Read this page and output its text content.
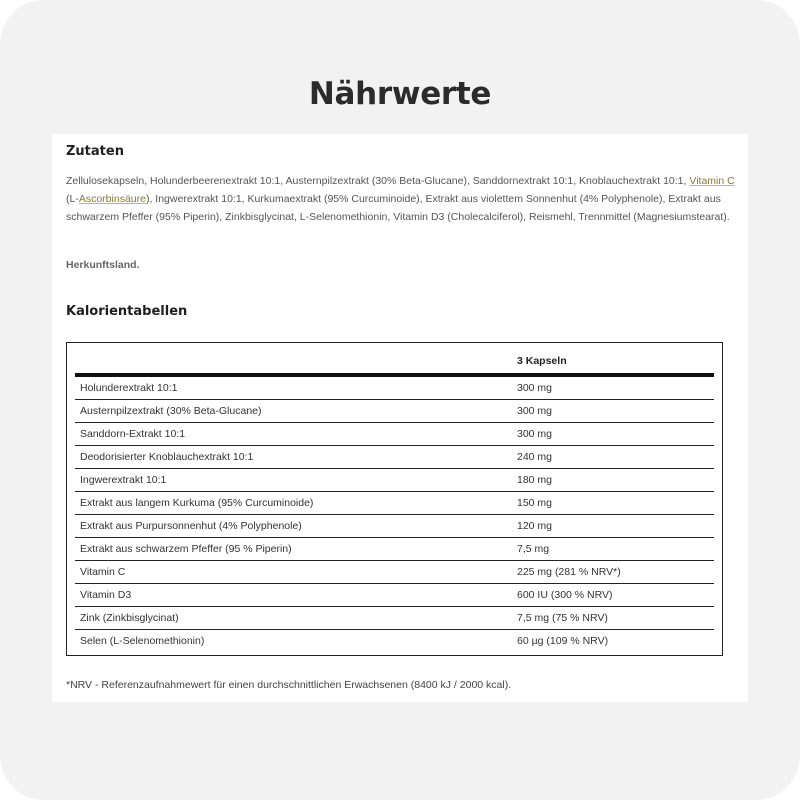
Nährwerte
Zutaten

Zellulosekapseln, Holunderbeerenextrakt 10:1, Austernpilzextrakt (30% Beta-Glucane), Sanddornextrakt 10:1, Knoblauchextrakt 10:1, Vitamin C (L-Ascorbinsäure), Ingwerextrakt 10:1, Kurkumaextrakt (95% Curcuminoide), Extrakt aus violettem Sonnenhut (4% Polyphenole), Extrakt aus schwarzem Pfeffer (95% Piperin), Zinkbisglycinat, L-Selenomethionin, Vitamin D3 (Cholecalciferol), Reismehl, Trennmittel (Magnesiumstearat).

Herkunftsland.

Kalorientabellen
3 Kapseln
Holunderextrakt 10:1	300 mg
Austernpilzextrakt (30% Beta-Glucane)	300 mg
Sanddorn-Extrakt 10:1	300 mg
Deodorisierter Knoblauchextrakt 10:1	240 mg
Ingwerextrakt 10:1	180 mg
Extrakt aus langem Kurkuma (95% Curcuminoide)	150 mg
Extrakt aus Purpursonnenhut (4% Polyphenole)	120 mg
Extrakt aus schwarzem Pfeffer (95 % Piperin)	7,5 mg
Vitamin C	225 mg (281 % NRV*)
Vitamin D3	600 IU (300 % NRV)
Zink (Zinkbisglycinat)	7,5 mg (75 % NRV)
Selen (L-Selenomethionin)	60 µg (109 % NRV)

*NRV - Referenzaufnahmewert für einen durchschnittlichen Erwachsenen (8400 kJ / 2000 kcal).
